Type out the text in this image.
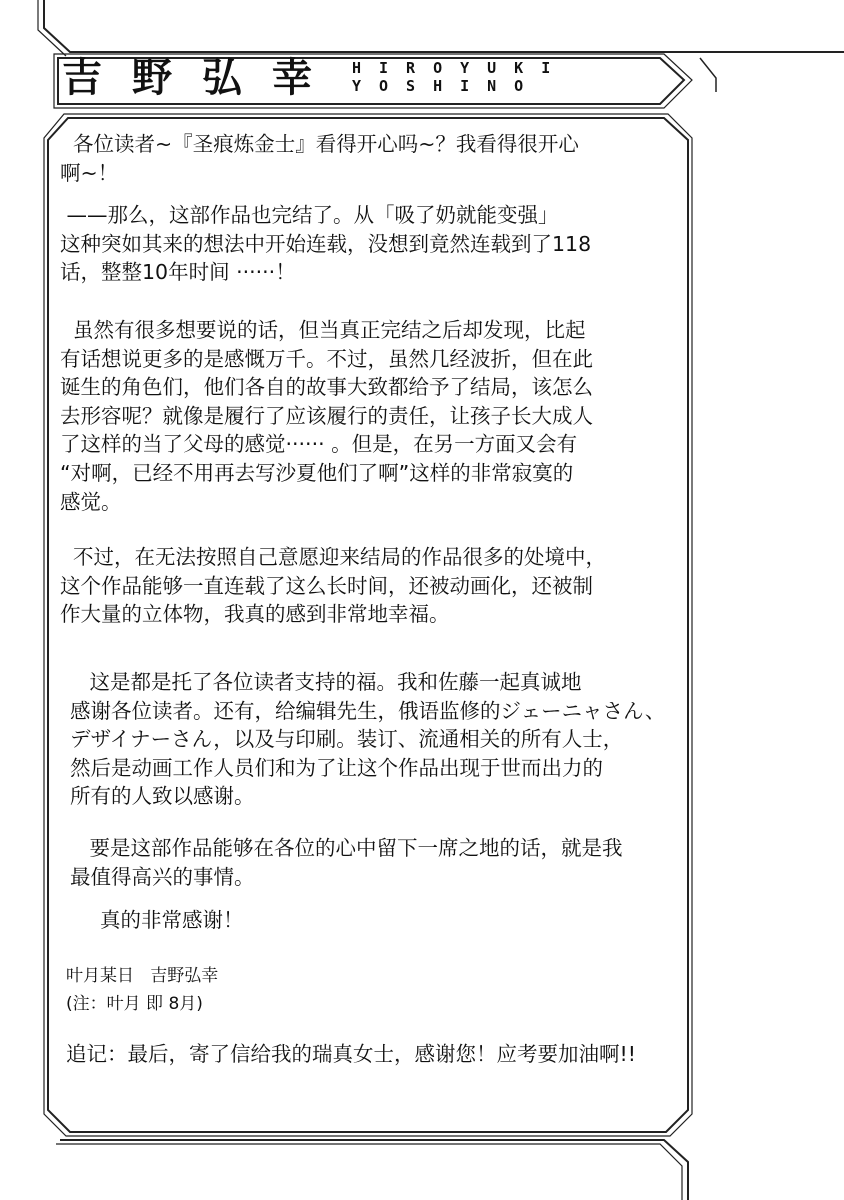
吉野弘幸 HIROYUKI
YOSHINO
各位读者~『圣痕炼金士』看得开心吗~？我看得很开心
啊~！
——那么，这部作品也完结了。从「吸了奶就能变强」
这种突如其来的想法中开始连载，没想到竟然连载到了118
话，整整10年时间 ······！
虽然有很多想要说的话，但当真正完结之后却发现，比起
有话想说更多的是感慨万千。不过，虽然几经波折，但在此
诞生的角色们，他们各自的故事大致都给予了结局，该怎么
去形容呢？就像是履行了应该履行的责任，让孩子长大成人
了这样的当了父母的感觉······ 。但是，在另一方面又会有
“对啊，已经不用再去写沙夏他们了啊”这样的非常寂寞的
感觉。
不过，在无法按照自己意愿迎来结局的作品很多的处境中，
这个作品能够一直连载了这么长时间，还被动画化，还被制
作大量的立体物，我真的感到非常地幸福。
这是都是托了各位读者支持的福。我和佐藤一起真诚地
感谢各位读者。还有，给编辑先生，俄语监修的ジェーニャさん、
デザイナーさん，以及与印刷。装订、流通相关的所有人士，
然后是动画工作人员们和为了让这个作品出现于世而出力的
所有的人致以感谢。
要是这部作品能够在各位的心中留下一席之地的话，就是我
最值得高兴的事情。
真的非常感谢！
叶月某日   吉野弘幸
(注：叶月 即 8月)
追记：最后，寄了信给我的瑞真女士，感谢您！应考要加油啊!!
